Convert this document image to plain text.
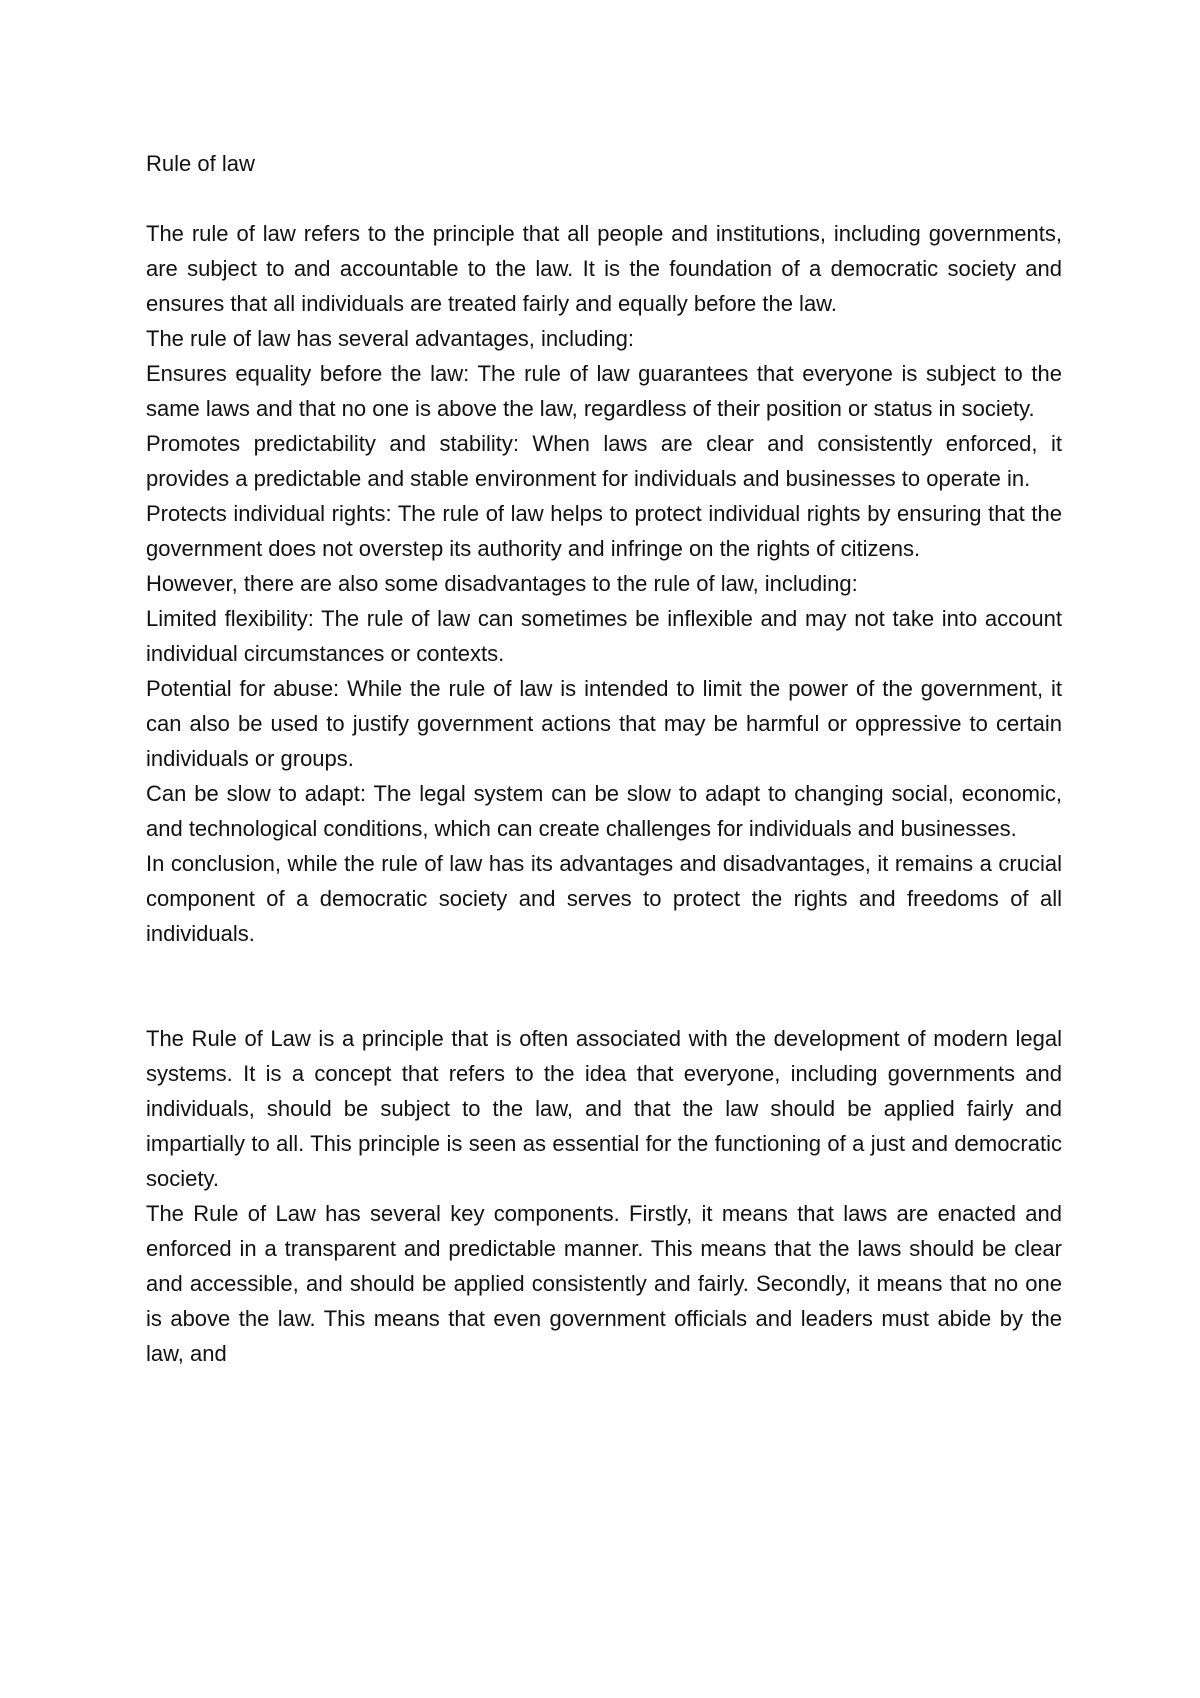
Rule of law

The rule of law refers to the principle that all people and institutions, including governments, are subject to and accountable to the law. It is the foundation of a democratic society and ensures that all individuals are treated fairly and equally before the law.

The rule of law has several advantages, including:

Ensures equality before the law: The rule of law guarantees that everyone is subject to the same laws and that no one is above the law, regardless of their position or status in society.

Promotes predictability and stability: When laws are clear and consistently enforced, it provides a predictable and stable environment for individuals and businesses to operate in.

Protects individual rights: The rule of law helps to protect individual rights by ensuring that the government does not overstep its authority and infringe on the rights of citizens.

However, there are also some disadvantages to the rule of law, including:

Limited flexibility: The rule of law can sometimes be inflexible and may not take into account individual circumstances or contexts.

Potential for abuse: While the rule of law is intended to limit the power of the government, it can also be used to justify government actions that may be harmful or oppressive to certain individuals or groups.

Can be slow to adapt: The legal system can be slow to adapt to changing social, economic, and technological conditions, which can create challenges for individuals and businesses.

In conclusion, while the rule of law has its advantages and disadvantages, it remains a crucial component of a democratic society and serves to protect the rights and freedoms of all individuals.

The Rule of Law is a principle that is often associated with the development of modern legal systems. It is a concept that refers to the idea that everyone, including governments and individuals, should be subject to the law, and that the law should be applied fairly and impartially to all. This principle is seen as essential for the functioning of a just and democratic society.

The Rule of Law has several key components. Firstly, it means that laws are enacted and enforced in a transparent and predictable manner. This means that the laws should be clear and accessible, and should be applied consistently and fairly. Secondly, it means that no one is above the law. This means that even government officials and leaders must abide by the law, and
